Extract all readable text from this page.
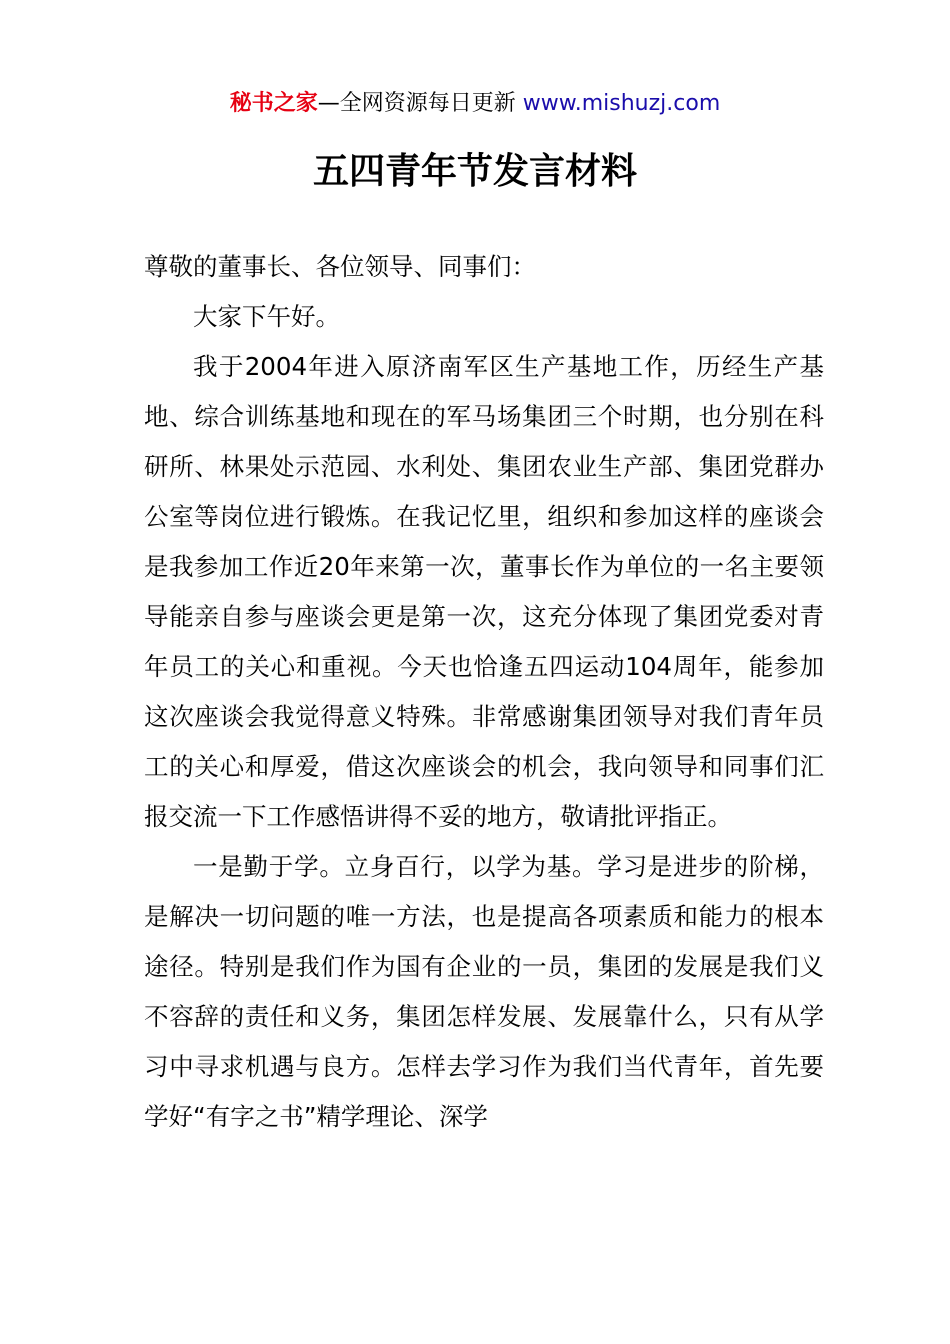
秘书之家—全网资源每日更新 www.mishuzj.com
五四青年节发言材料

尊敬的董事长、各位领导、同事们：

大家下午好。

我于2004年进入原济南军区生产基地工作，历经生产基地、综合训练基地和现在的军马场集团三个时期，也分别在科研所、林果处示范园、水利处、集团农业生产部、集团党群办公室等岗位进行锻炼。在我记忆里，组织和参加这样的座谈会是我参加工作近20年来第一次，董事长作为单位的一名主要领导能亲自参与座谈会更是第一次，这充分体现了集团党委对青年员工的关心和重视。今天也恰逢五四运动104周年，能参加这次座谈会我觉得意义特殊。非常感谢集团领导对我们青年员工的关心和厚爱，借这次座谈会的机会，我向领导和同事们汇报交流一下工作感悟讲得不妥的地方，敬请批评指正。

一是勤于学。立身百行，以学为基。学习是进步的阶梯，是解决一切问题的唯一方法，也是提高各项素质和能力的根本途径。特别是我们作为国有企业的一员，集团的发展是我们义不容辞的责任和义务，集团怎样发展、发展靠什么，只有从学习中寻求机遇与良方。怎样去学习作为我们当代青年，首先要学好“有字之书”精学理论、深学
